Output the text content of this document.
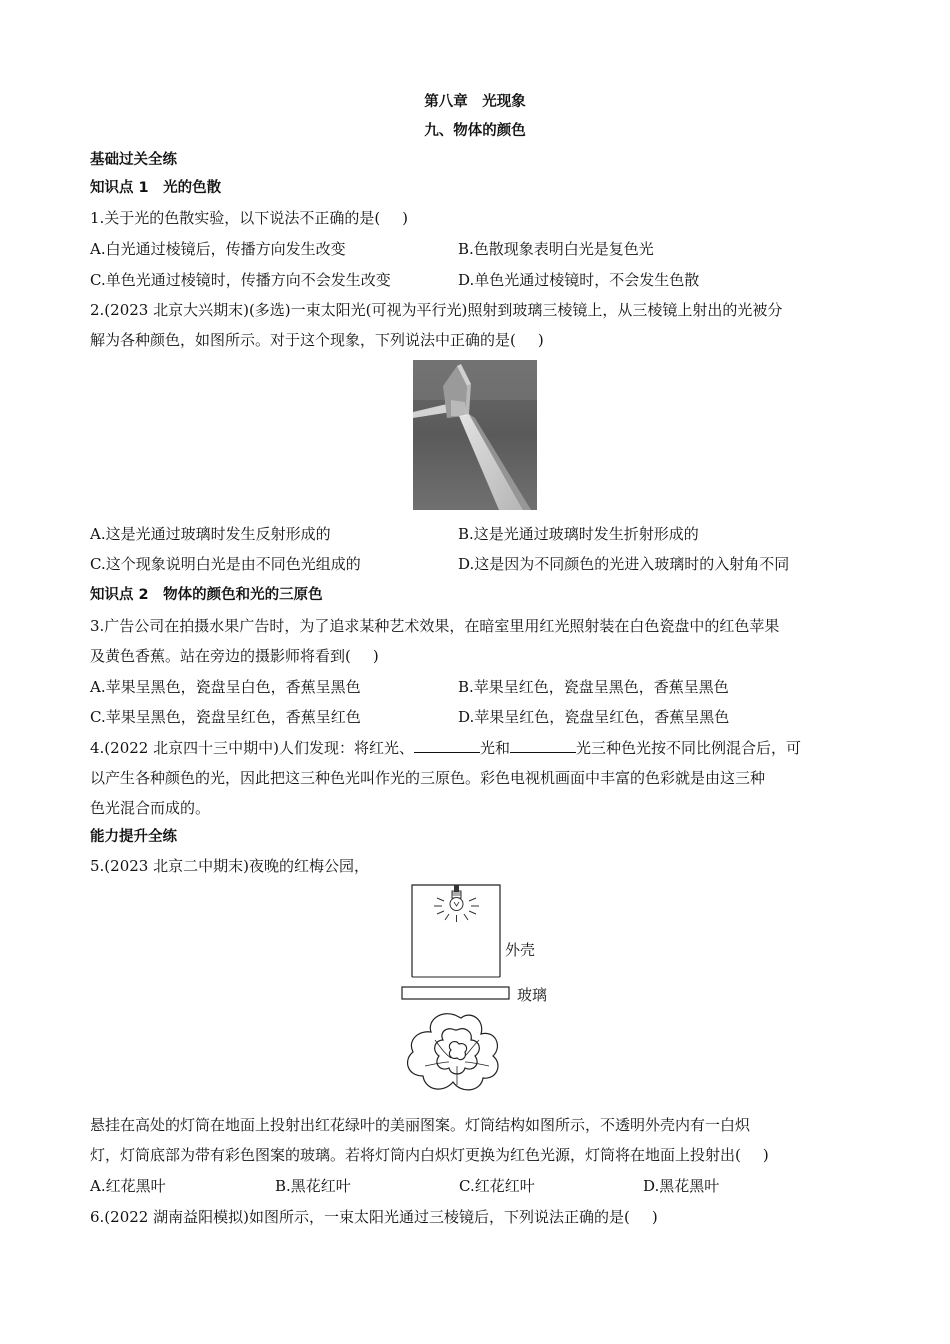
第八章　光现象
九、物体的颜色
基础过关全练
知识点 1　光的色散
1.关于光的色散实验，以下说法不正确的是( )
A.白光通过棱镜后，传播方向发生改变	B.色散现象表明白光是复色光
C.单色光通过棱镜时，传播方向不会发生改变	D.单色光通过棱镜时，不会发生色散
2.(2023 北京大兴期末)(多选)一束太阳光(可视为平行光)照射到玻璃三棱镜上，从三棱镜上射出的光被分
解为各种颜色，如图所示。对于这个现象，下列说法中正确的是( )
A.这是光通过玻璃时发生反射形成的	B.这是光通过玻璃时发生折射形成的
C.这个现象说明白光是由不同色光组成的	D.这是因为不同颜色的光进入玻璃时的入射角不同
知识点 2　物体的颜色和光的三原色
3.广告公司在拍摄水果广告时，为了追求某种艺术效果，在暗室里用红光照射装在白色瓷盘中的红色苹果
及黄色香蕉。站在旁边的摄影师将看到( )
A.苹果呈黑色，瓷盘呈白色，香蕉呈黑色	B.苹果呈红色，瓷盘呈黑色，香蕉呈黑色
C.苹果呈黑色，瓷盘呈红色，香蕉呈红色	D.苹果呈红色，瓷盘呈红色，香蕉呈黑色
4.(2022 北京四十三中期中)人们发现：将红光、	光和	光三种色光按不同比例混合后，可
以产生各种颜色的光，因此把这三种色光叫作光的三原色。彩色电视机画面中丰富的色彩就是由这三种
色光混合而成的。
能力提升全练
5.(2023 北京二中期末)夜晚的红梅公园，
外壳
玻璃
悬挂在高处的灯筒在地面上投射出红花绿叶的美丽图案。灯筒结构如图所示，不透明外壳内有一白炽
灯，灯筒底部为带有彩色图案的玻璃。若将灯筒内白炽灯更换为红色光源，灯筒将在地面上投射出( )
A.红花黑叶	B.黑花红叶	C.红花红叶	D.黑花黑叶
6.(2022 湖南益阳模拟)如图所示，一束太阳光通过三棱镜后，下列说法正确的是( )
